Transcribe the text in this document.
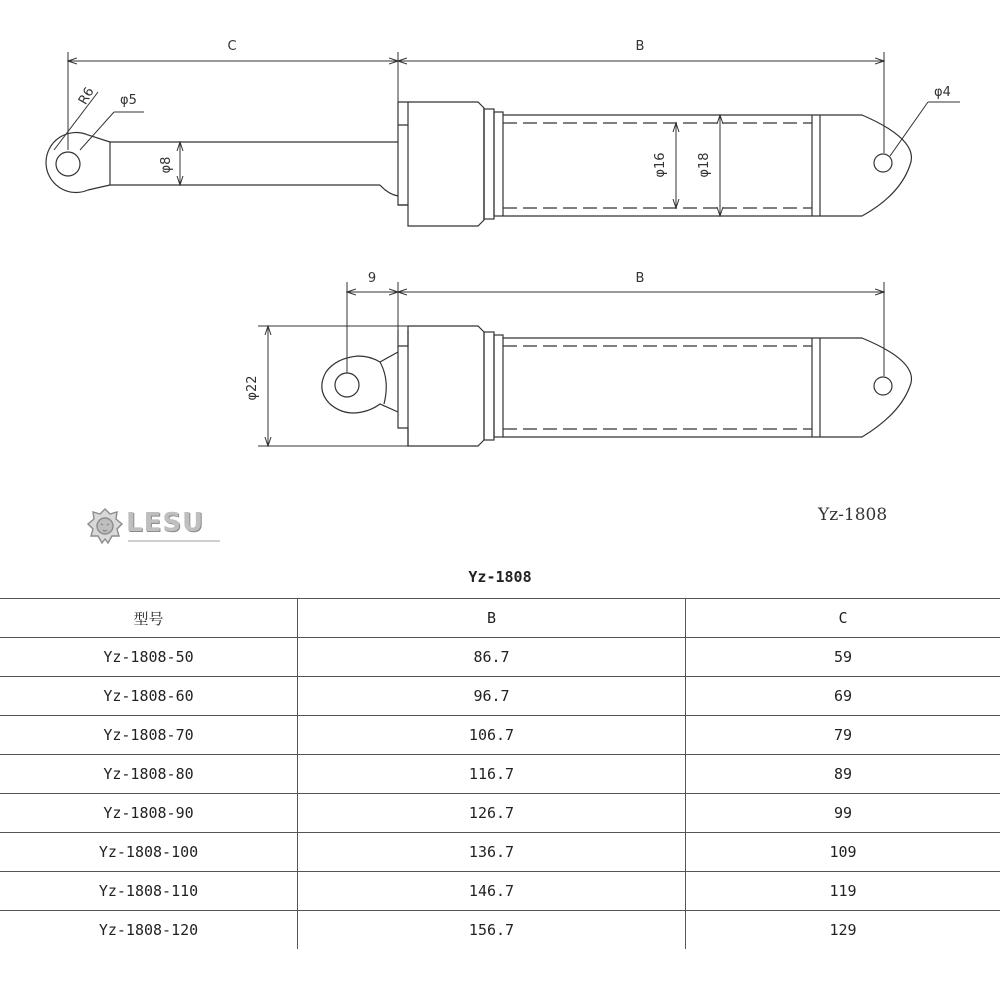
C	B
R6 φ5
φ8	φ16 φ18
φ4
9	B
φ22
LESU	Yz-1808
Yz-1808
型号	B	C
Yz-1808-50	86.7	59
Yz-1808-60	96.7	69
Yz-1808-70	106.7	79
Yz-1808-80	116.7	89
Yz-1808-90	126.7	99
Yz-1808-100	136.7	109
Yz-1808-110	146.7	119
Yz-1808-120	156.7	129
